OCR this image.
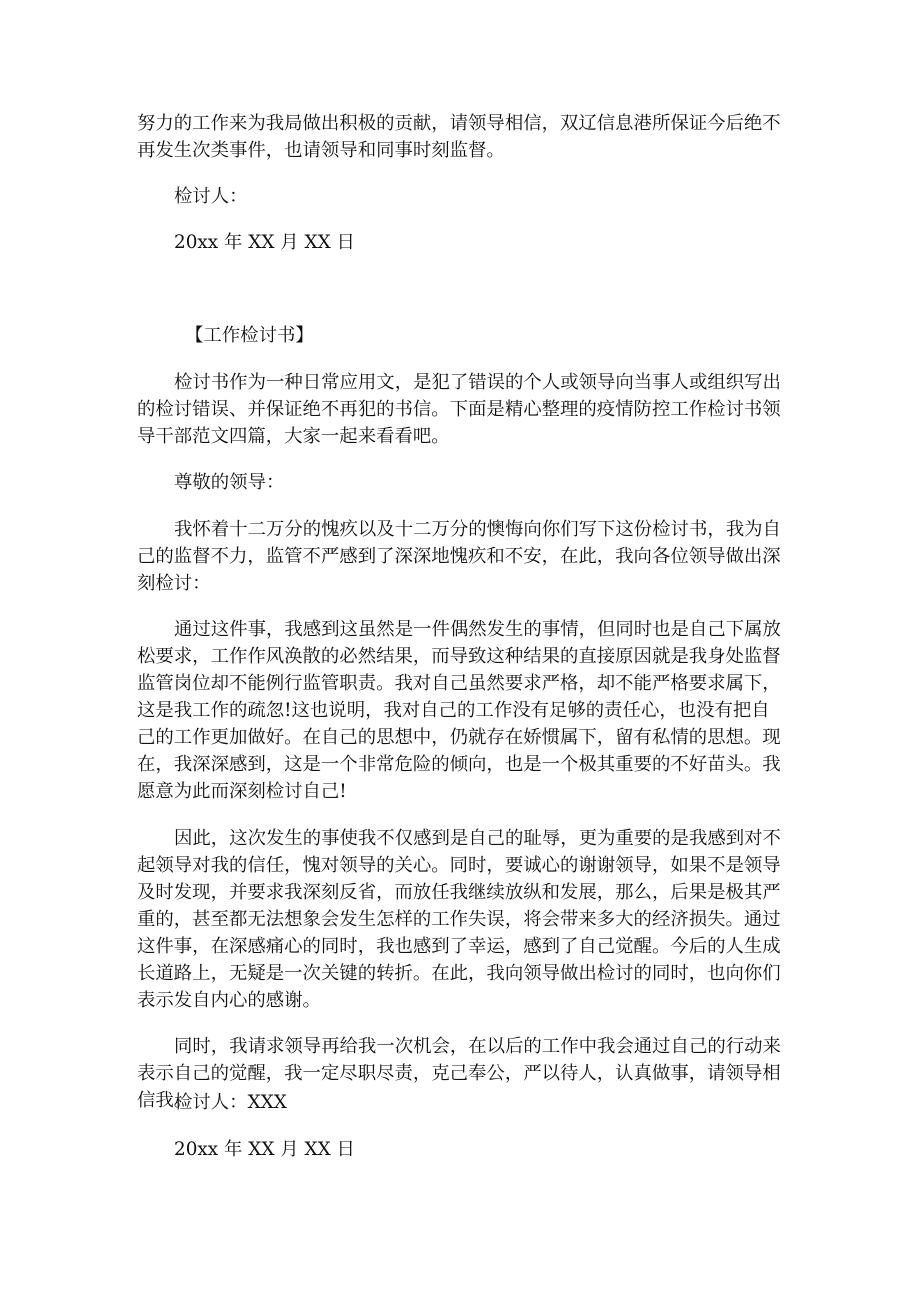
努力的工作来为我局做出积极的贡献，请领导相信，双辽信息港所保证今后绝不
再发生次类事件，也请领导和同事时刻监督。
检讨人：
20xx 年 XX 月 XX 日
【工作检讨书】
检讨书作为一种日常应用文，是犯了错误的个人或领导向当事人或组织写出
的检讨错误、并保证绝不再犯的书信。下面是精心整理的疫情防控工作检讨书领
导干部范文四篇，大家一起来看看吧。
尊敬的领导：
我怀着十二万分的愧疚以及十二万分的懊悔向你们写下这份检讨书，我为自
己的监督不力，监管不严感到了深深地愧疚和不安，在此，我向各位领导做出深
刻检讨：
通过这件事，我感到这虽然是一件偶然发生的事情，但同时也是自己下属放
松要求，工作作风涣散的必然结果，而导致这种结果的直接原因就是我身处监督
监管岗位却不能例行监管职责。我对自己虽然要求严格，却不能严格要求属下，
这是我工作的疏忽!这也说明，我对自己的工作没有足够的责任心，也没有把自
己的工作更加做好。在自己的思想中，仍就存在娇惯属下，留有私情的思想。现
在，我深深感到，这是一个非常危险的倾向，也是一个极其重要的不好苗头。我
愿意为此而深刻检讨自己!
因此，这次发生的事使我不仅感到是自己的耻辱，更为重要的是我感到对不
起领导对我的信任，愧对领导的关心。同时，要诚心的谢谢领导，如果不是领导
及时发现，并要求我深刻反省，而放任我继续放纵和发展，那么，后果是极其严
重的，甚至都无法想象会发生怎样的工作失误，将会带来多大的经济损失。通过
这件事，在深感痛心的同时，我也感到了幸运，感到了自己觉醒。今后的人生成
长道路上，无疑是一次关键的转折。在此，我向领导做出检讨的同时，也向你们
表示发自内心的感谢。
同时，我请求领导再给我一次机会，在以后的工作中我会通过自己的行动来
表示自己的觉醒，我一定尽职尽责，克己奉公，严以待人，认真做事，请领导相
信我。
检讨人：XXX
20xx 年 XX 月 XX 日
